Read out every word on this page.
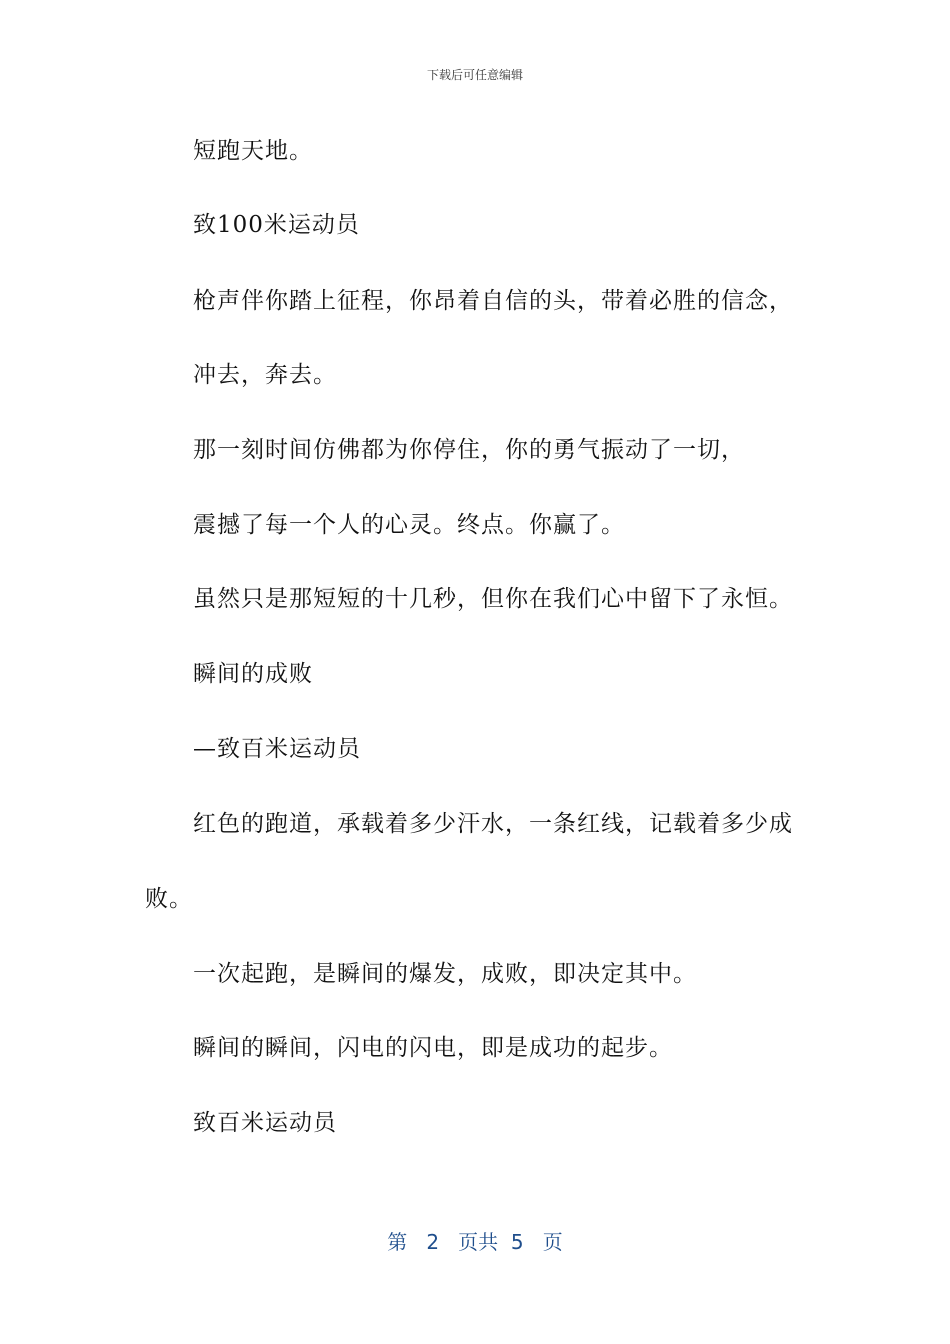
下载后可任意编辑
短跑天地。
致100米运动员
枪声伴你踏上征程，你昂着自信的头，带着必胜的信念，
冲去，奔去。
那一刻时间仿佛都为你停住，你的勇气振动了一切，
震撼了每一个人的心灵。终点。你赢了。
虽然只是那短短的十几秒，但你在我们心中留下了永恒。
瞬间的成败
—致百米运动员
红色的跑道，承载着多少汗水，一条红线，记载着多少成
败。
一次起跑，是瞬间的爆发，成败，即决定其中。
瞬间的瞬间，闪电的闪电，即是成功的起步。
致百米运动员
第 2 页共 5 页
